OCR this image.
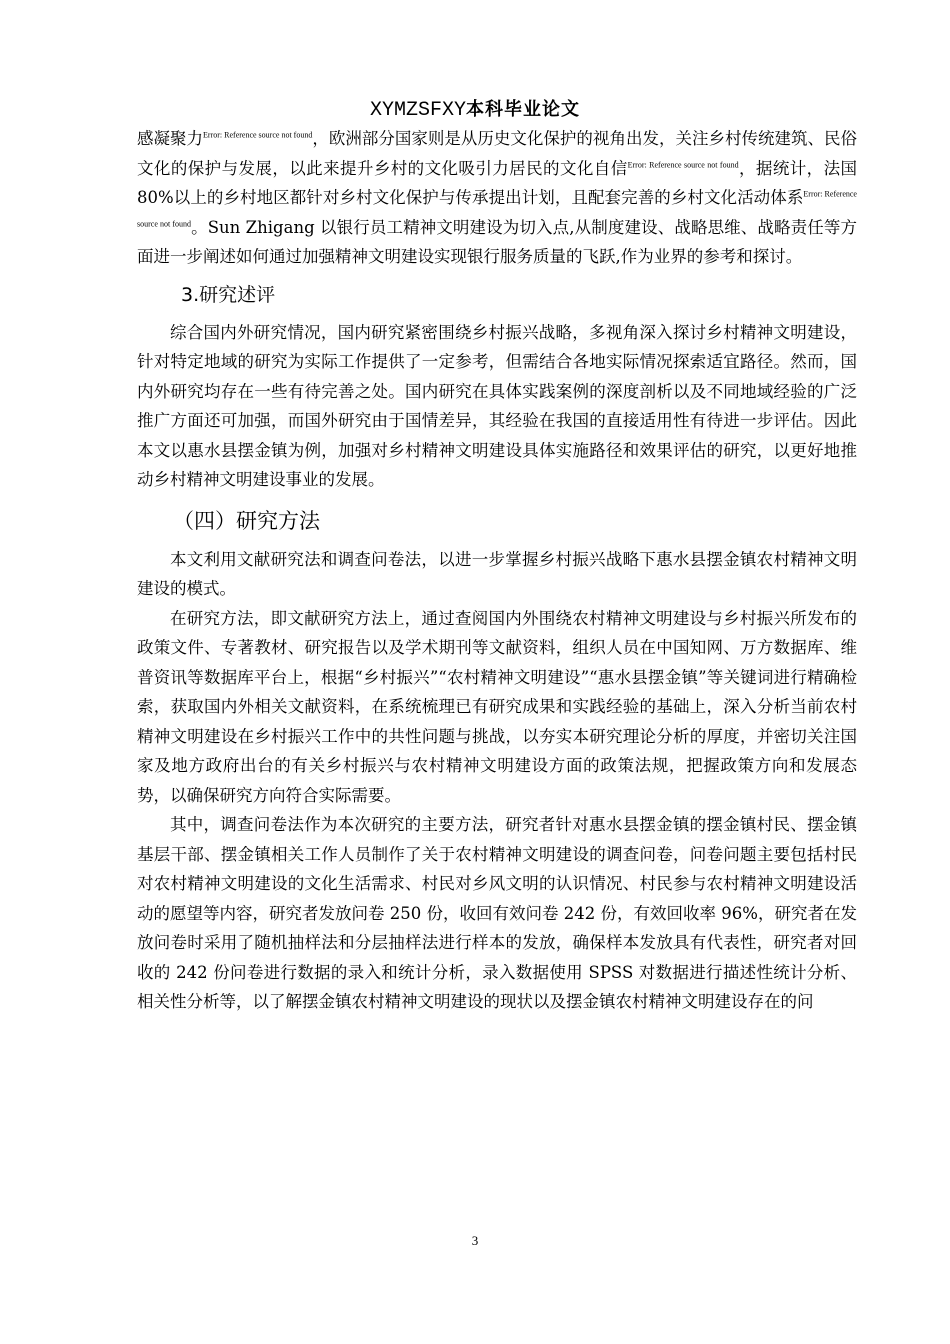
XYMZSFXY本科毕业论文

感凝聚力$^{Error: Reference source not found}$，欧洲部分国家则是从历史文化保护的视角出发，关注乡村传统建筑、民俗文化的保护与发展，以此来提升乡村的文化吸引力居民的文化自信$^{Error: Reference source not found}$，据统计，法国 80%以上的乡村地区都针对乡村文化保护与传承提出计划，且配套完善的乡村文化活动体系$^{Error: Reference source not found}$。Sun Zhigang 以银行员工精神文明建设为切入点,从制度建设、战略思维、战略责任等方面进一步阐述如何通过加强精神文明建设实现银行服务质量的飞跃,作为业界的参考和探讨。

3.研究述评

综合国内外研究情况，国内研究紧密围绕乡村振兴战略，多视角深入探讨乡村精神文明建设，针对特定地域的研究为实际工作提供了一定参考，但需结合各地实际情况探索适宜路径。然而，国内外研究均存在一些有待完善之处。国内研究在具体实践案例的深度剖析以及不同地域经验的广泛推广方面还可加强，而国外研究由于国情差异，其经验在我国的直接适用性有待进一步评估。因此本文以惠水县摆金镇为例，加强对乡村精神文明建设具体实施路径和效果评估的研究，以更好地推动乡村精神文明建设事业的发展。

（四）研究方法

本文利用文献研究法和调查问卷法，以进一步掌握乡村振兴战略下惠水县摆金镇农村精神文明建设的模式。

在研究方法，即文献研究方法上，通过查阅国内外围绕农村精神文明建设与乡村振兴所发布的政策文件、专著教材、研究报告以及学术期刊等文献资料，组织人员在中国知网、万方数据库、维普资讯等数据库平台上，根据“乡村振兴”“农村精神文明建设”“惠水县摆金镇”等关键词进行精确检索，获取国内外相关文献资料，在系统梳理已有研究成果和实践经验的基础上，深入分析当前农村精神文明建设在乡村振兴工作中的共性问题与挑战，以夯实本研究理论分析的厚度，并密切关注国家及地方政府出台的有关乡村振兴与农村精神文明建设方面的政策法规，把握政策方向和发展态势，以确保研究方向符合实际需要。

其中，调查问卷法作为本次研究的主要方法，研究者针对惠水县摆金镇的摆金镇村民、摆金镇基层干部、摆金镇相关工作人员制作了关于农村精神文明建设的调查问卷，问卷问题主要包括村民对农村精神文明建设的文化生活需求、村民对乡风文明的认识情况、村民参与农村精神文明建设活动的愿望等内容，研究者发放问卷 250 份，收回有效问卷 242 份，有效回收率 96%，研究者在发放问卷时采用了随机抽样法和分层抽样法进行样本的发放，确保样本发放具有代表性，研究者对回收的 242 份问卷进行数据的录入和统计分析，录入数据使用 SPSS 对数据进行描述性统计分析、相关性分析等，以了解摆金镇农村精神文明建设的现状以及摆金镇农村精神文明建设存在的问

3
